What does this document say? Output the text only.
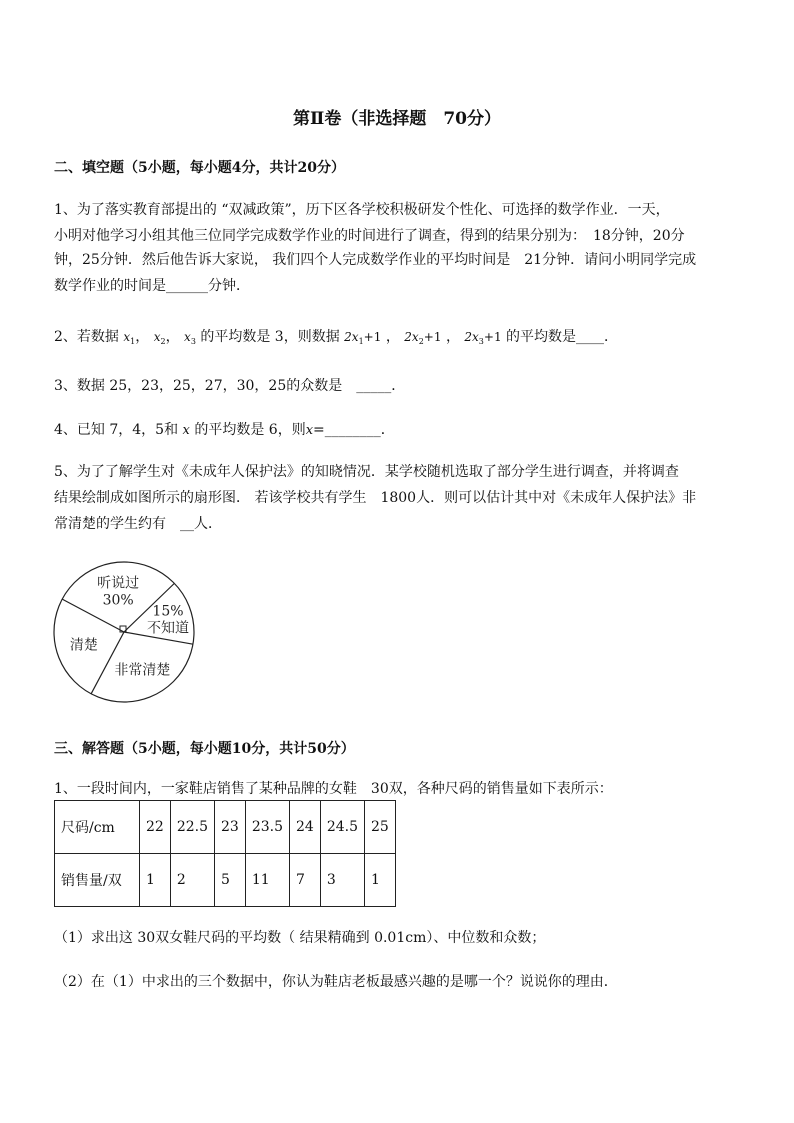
第Ⅱ卷（非选择题　70分）
二、填空题（5小题，每小题4分，共计20分）
1、为了落实教育部提出的 “双减政策”，历下区各学校积极研发个性化、可选择的数学作业．一天，
小明对他学习小组其他三位同学完成数学作业的时间进行了调查，得到的结果分别为：　18分钟，20分
钟，25分钟．然后他告诉大家说， 我们四个人完成数学作业的平均时间是　21分钟．请问小明同学完成
数学作业的时间是______分钟．
2、若数据 $x_1$， $x_2$， $x_3$ 的平均数是 3，则数据 $2x_1+1$ ， $2x_2+1$ ， $2x_3+1$ 的平均数是____．
3、数据 25，23，25，27，30，25的众数是　_____．
4、已知 7，4，5和 x 的平均数是 6，则x=________．
5、为了了解学生对《未成年人保护法》的知晓情况．某学校随机选取了部分学生进行调查，并将调查
结果绘制成如图所示的扇形图． 若该学校共有学生　1800人．则可以估计其中对《未成年人保护法》非
常清楚的学生约有　__人．
听说过 30%
15%不知道
非常清楚
清楚
三、解答题（5小题，每小题10分，共计50分）
1、一段时间内，一家鞋店销售了某种品牌的女鞋　30双，各种尺码的销售量如下表所示：
尺码/cm	22	22.5	23	23.5	24	24.5	25
销售量/双	1	2	5	11	7	3	1
（1）求出这 30双女鞋尺码的平均数（ 结果精确到 0.01cm）、中位数和众数；
（2）在（1）中求出的三个数据中，你认为鞋店老板最感兴趣的是哪一个？说说你的理由．
